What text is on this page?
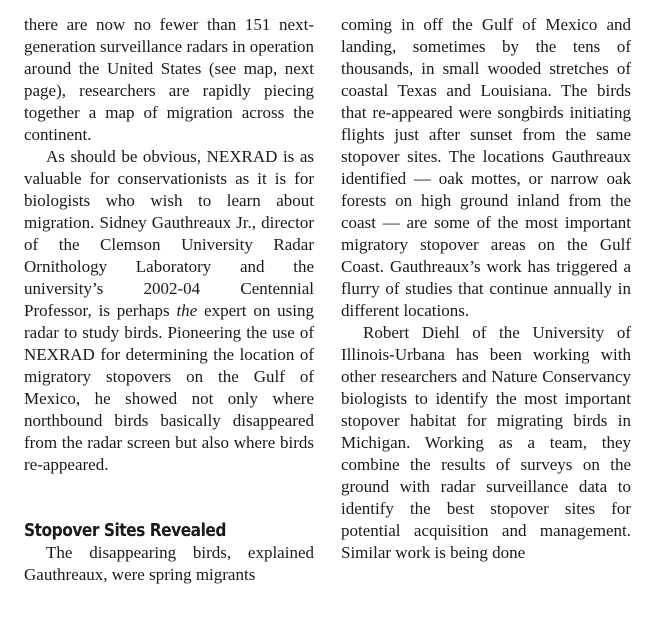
there are now no fewer than 151 next-generation surveillance radars in operation around the United States (see map, next page), researchers are rapidly piecing together a map of migration across the continent.

As should be obvious, NEXRAD is as valuable for conservationists as it is for biologists who wish to learn about migration. Sidney Gauthreaux Jr., director of the Clemson University Radar Ornithology Laboratory and the university’s 2002-04 Centennial Professor, is perhaps the expert on using radar to study birds. Pioneering the use of NEXRAD for determining the location of migratory stopovers on the Gulf of Mexico, he showed not only where northbound birds basically disappeared from the radar screen but also where birds re-appeared.

Stopover Sites Revealed

The disappearing birds, explained Gauthreaux, were spring migrants

coming in off the Gulf of Mexico and landing, sometimes by the tens of thousands, in small wooded stretches of coastal Texas and Louisiana. The birds that re-appeared were songbirds initiating flights just after sunset from the same stopover sites. The locations Gauthreaux identified — oak mottes, or narrow oak forests on high ground inland from the coast — are some of the most important migratory stopover areas on the Gulf Coast. Gauthreaux’s work has triggered a flurry of studies that continue annually in different locations.

Robert Diehl of the University of Illinois-Urbana has been working with other researchers and Nature Conservancy biologists to identify the most important stopover habitat for migrating birds in Michigan. Working as a team, they combine the results of surveys on the ground with radar surveillance data to identify the best stopover sites for potential acquisition and management. Similar work is being done
